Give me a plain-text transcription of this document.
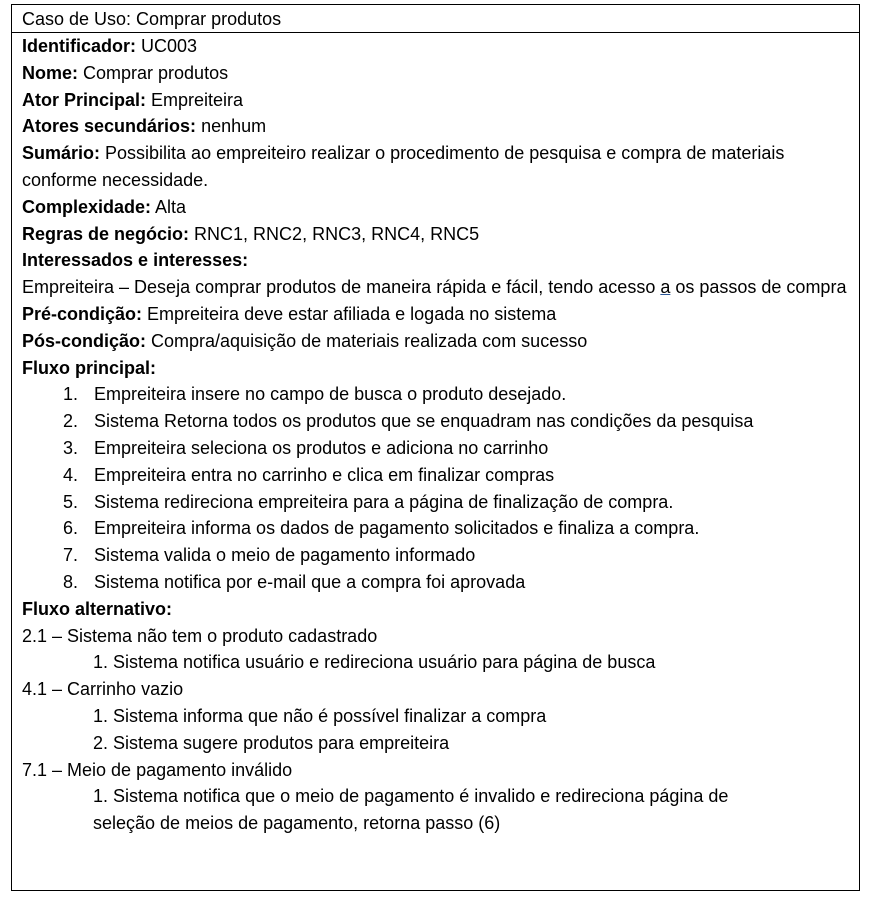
Caso de Uso: Comprar produtos
Identificador: UC003
Nome: Comprar produtos
Ator Principal: Empreiteira
Atores secundários: nenhum
Sumário: Possibilita ao empreiteiro realizar o procedimento de pesquisa e compra de materiais conforme necessidade.
Complexidade: Alta
Regras de negócio: RNC1, RNC2, RNC3, RNC4, RNC5
Interessados e interesses:
Empreiteira – Deseja comprar produtos de maneira rápida e fácil, tendo acesso a os passos de compra
Pré-condição: Empreiteira deve estar afiliada e logada no sistema
Pós-condição: Compra/aquisição de materiais realizada com sucesso
Fluxo principal:
1. Empreiteira insere no campo de busca o produto desejado.
2. Sistema Retorna todos os produtos que se enquadram nas condições da pesquisa
3. Empreiteira seleciona os produtos e adiciona no carrinho
4. Empreiteira entra no carrinho e clica em finalizar compras
5. Sistema redireciona empreiteira para a página de finalização de compra.
6. Empreiteira informa os dados de pagamento solicitados e finaliza a compra.
7. Sistema valida o meio de pagamento informado
8. Sistema notifica por e-mail que a compra foi aprovada
Fluxo alternativo:
2.1 – Sistema não tem o produto cadastrado
1. Sistema notifica usuário e redireciona usuário para página de busca
4.1 – Carrinho vazio
1. Sistema informa que não é possível finalizar a compra
2. Sistema sugere produtos para empreiteira
7.1 – Meio de pagamento inválido
1. Sistema notifica que o meio de pagamento é invalido e redireciona página de
seleção de meios de pagamento, retorna passo (6)
